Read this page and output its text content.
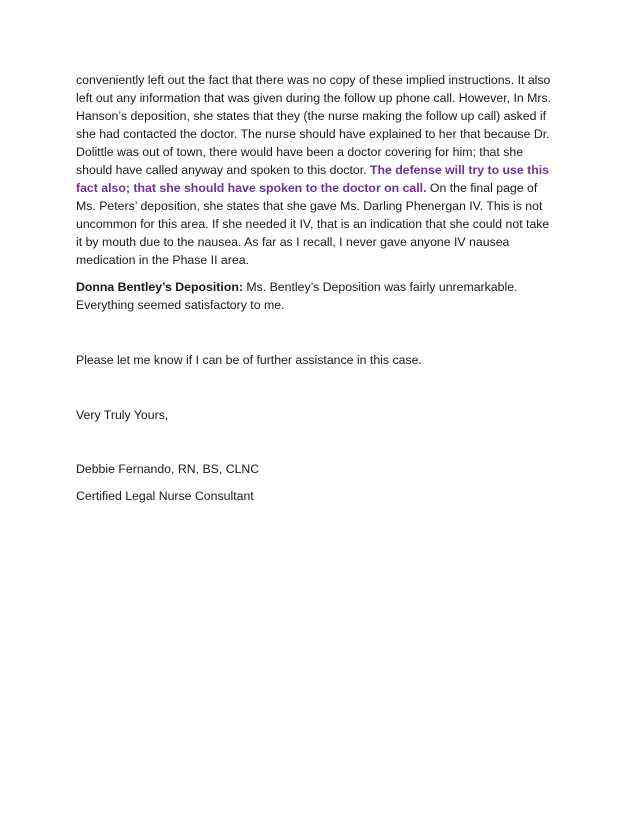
conveniently left out the fact that there was no copy of these implied instructions. It also
left out any information that was given during the follow up phone call. However, In Mrs.
Hanson’s deposition, she states that they (the nurse making the follow up call) asked if
she had contacted the doctor. The nurse should have explained to her that because Dr.
Dolittle was out of town, there would have been a doctor covering for him; that she
should have called anyway and spoken to this doctor. The defense will try to use this
fact also; that she should have spoken to the doctor on call. On the final page of
Ms. Peters’ deposition, she states that she gave Ms. Darling Phenergan IV. This is not
uncommon for this area. If she needed it IV, that is an indication that she could not take
it by mouth due to the nausea. As far as I recall, I never gave anyone IV nausea
medication in the Phase II area.
Donna Bentley’s Deposition: Ms. Bentley’s Deposition was fairly unremarkable.
Everything seemed satisfactory to me.
Please let me know if I can be of further assistance in this case.
Very Truly Yours,
Debbie Fernando, RN, BS, CLNC
Certified Legal Nurse Consultant
